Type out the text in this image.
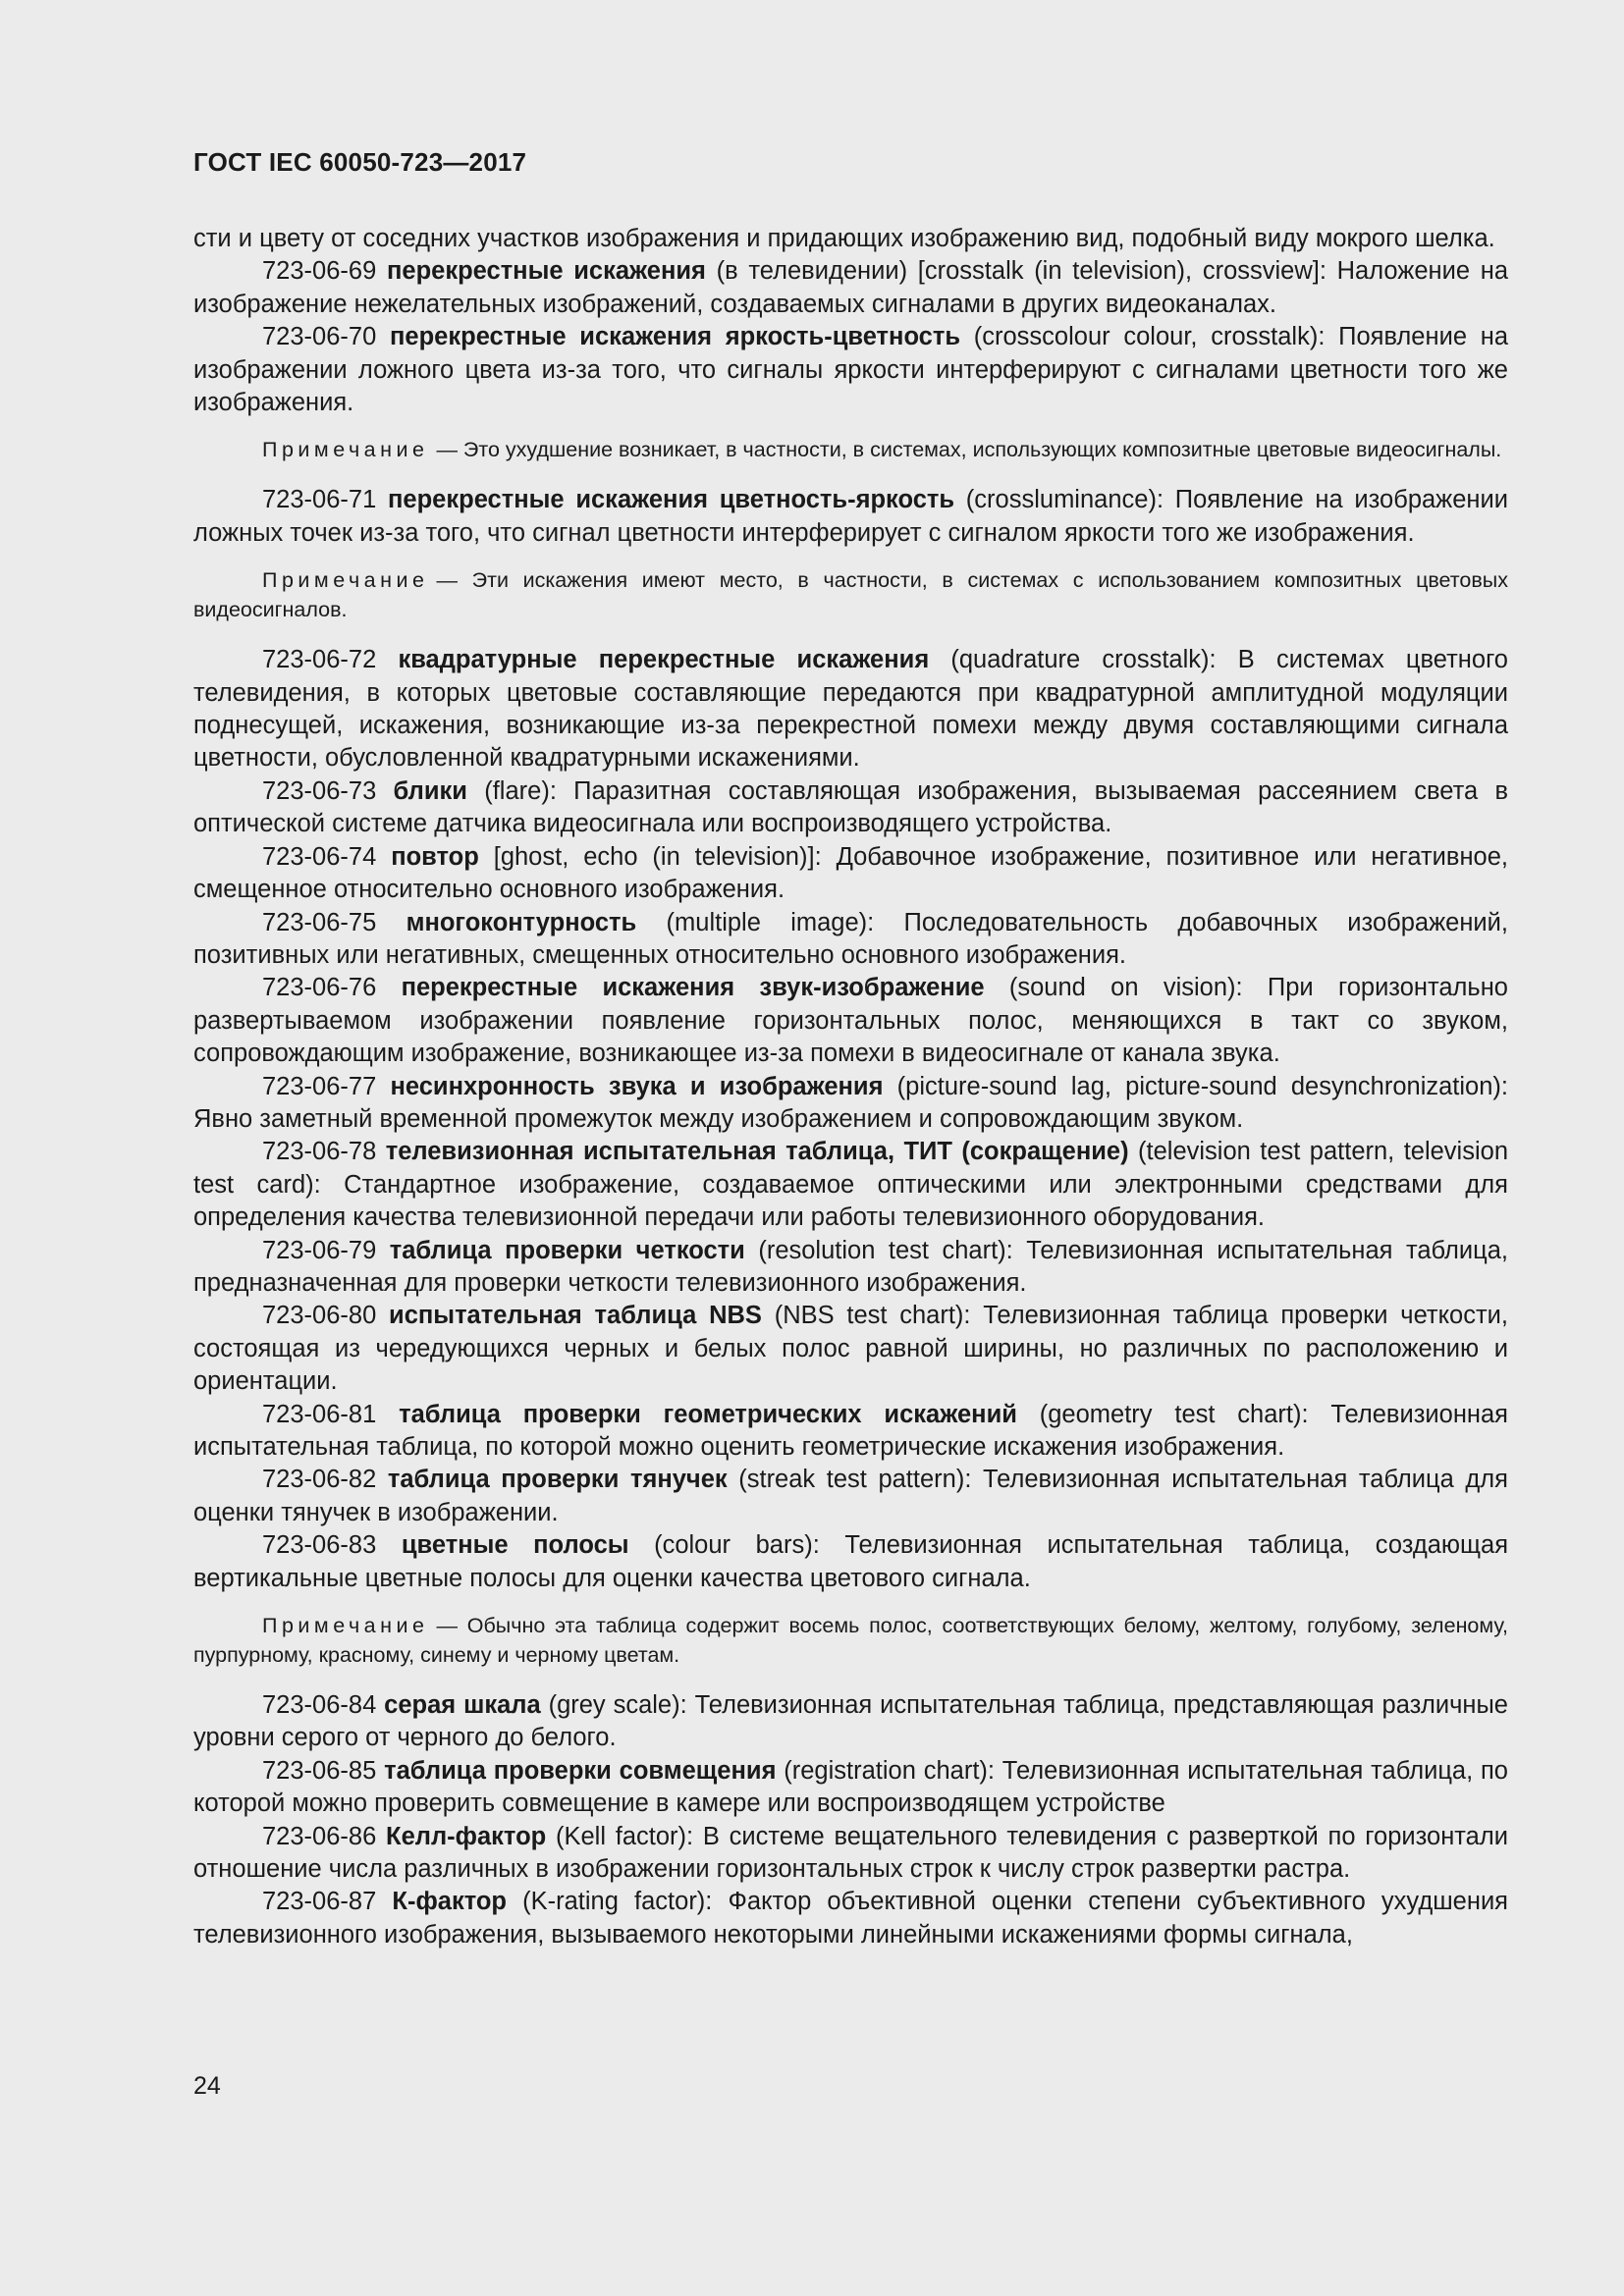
ГОСТ IEC 60050-723—2017

сти и цвету от соседних участков изображения и придающих изображению вид, подобный виду мокрого шелка.

723-06-69 перекрестные искажения (в телевидении) [crosstalk (in television), crossview]: Наложение на изображение нежелательных изображений, создаваемых сигналами в других видеоканалах.

723-06-70 перекрестные искажения яркость-цветность (crosscolour colour, crosstalk): Появление на изображении ложного цвета из-за того, что сигналы яркости интерферируют с сигналами цветности того же изображения.

Примечание — Это ухудшение возникает, в частности, в системах, использующих композитные цветовые видеосигналы.

723-06-71 перекрестные искажения цветность-яркость (crossluminance): Появление на изображении ложных точек из-за того, что сигнал цветности интерферирует с сигналом яркости того же изображения.

Примечание — Эти искажения имеют место, в частности, в системах с использованием композитных цветовых видеосигналов.

723-06-72 квадратурные перекрестные искажения (quadrature crosstalk): В системах цветного телевидения, в которых цветовые составляющие передаются при квадратурной амплитудной модуляции поднесущей, искажения, возникающие из-за перекрестной помехи между двумя составляющими сигнала цветности, обусловленной квадратурными искажениями.

723-06-73 блики (flare): Паразитная составляющая изображения, вызываемая рассеянием света в оптической системе датчика видеосигнала или воспроизводящего устройства.

723-06-74 повтор [ghost, echo (in television)]: Добавочное изображение, позитивное или негативное, смещенное относительно основного изображения.

723-06-75 многоконтурность (multiple image): Последовательность добавочных изображений, позитивных или негативных, смещенных относительно основного изображения.

723-06-76 перекрестные искажения звук-изображение (sound on vision): При горизонтально развертываемом изображении появление горизонтальных полос, меняющихся в такт со звуком, сопровождающим изображение, возникающее из-за помехи в видеосигнале от канала звука.

723-06-77 несинхронность звука и изображения (picture-sound lag, picture-sound desynchronization): Явно заметный временной промежуток между изображением и сопровождающим звуком.

723-06-78 телевизионная испытательная таблица, ТИТ (сокращение) (television test pattern, television test card): Стандартное изображение, создаваемое оптическими или электронными средствами для определения качества телевизионной передачи или работы телевизионного оборудования.

723-06-79 таблица проверки четкости (resolution test chart): Телевизионная испытательная таблица, предназначенная для проверки четкости телевизионного изображения.

723-06-80 испытательная таблица NBS (NBS test chart): Телевизионная таблица проверки четкости, состоящая из чередующихся черных и белых полос равной ширины, но различных по расположению и ориентации.

723-06-81 таблица проверки геометрических искажений (geometry test chart): Телевизионная испытательная таблица, по которой можно оценить геометрические искажения изображения.

723-06-82 таблица проверки тянучек (streak test pattern): Телевизионная испытательная таблица для оценки тянучек в изображении.

723-06-83 цветные полосы (colour bars): Телевизионная испытательная таблица, создающая вертикальные цветные полосы для оценки качества цветового сигнала.

Примечание — Обычно эта таблица содержит восемь полос, соответствующих белому, желтому, голубому, зеленому, пурпурному, красному, синему и черному цветам.

723-06-84 серая шкала (grey scale): Телевизионная испытательная таблица, представляющая различные уровни серого от черного до белого.

723-06-85 таблица проверки совмещения (registration chart): Телевизионная испытательная таблица, по которой можно проверить совмещение в камере или воспроизводящем устройстве

723-06-86 Келл-фактор (Kell factor): В системе вещательного телевидения с разверткой по горизонтали отношение числа различных в изображении горизонтальных строк к числу строк развертки растра.

723-06-87 К-фактор (K-rating factor): Фактор объективной оценки степени субъективного ухудшения телевизионного изображения, вызываемого некоторыми линейными искажениями формы сигнала,

24
